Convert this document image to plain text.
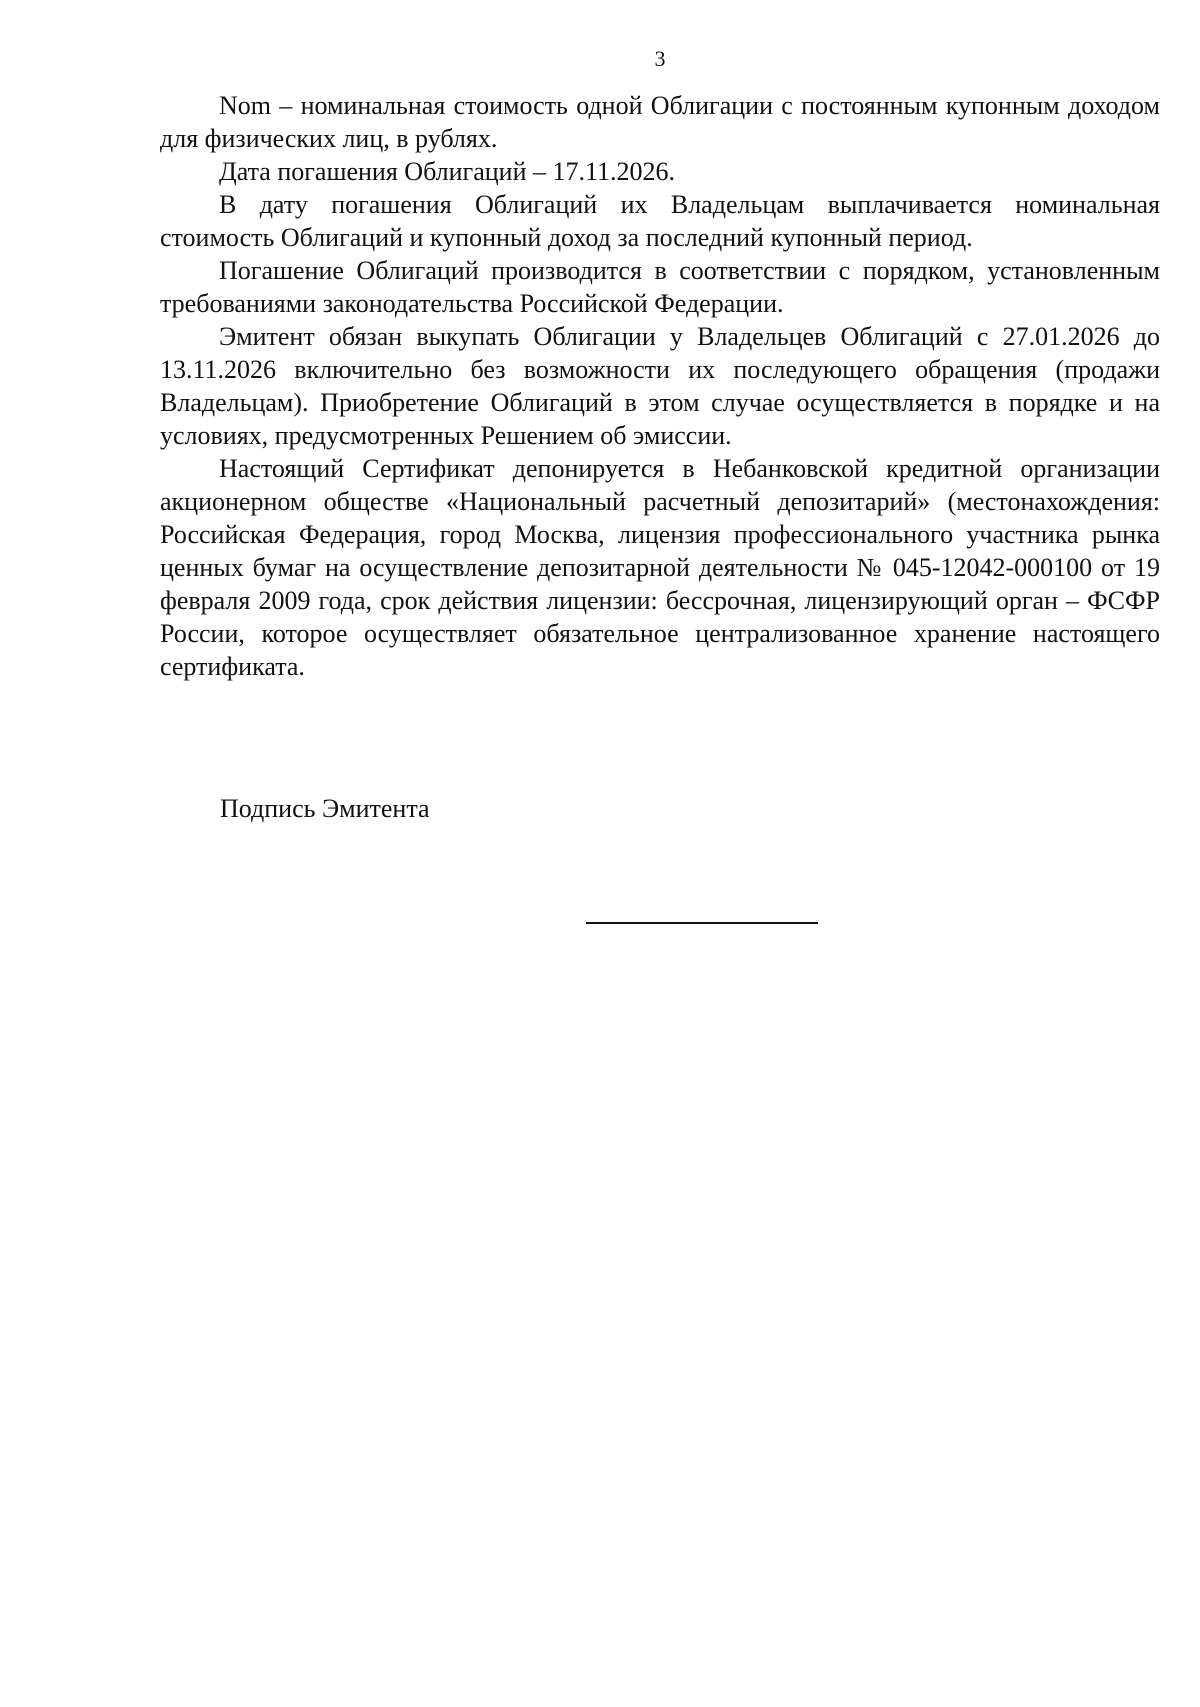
3

Nom – номинальная стоимость одной Облигации с постоянным купонным доходом для физических лиц, в рублях.

Дата погашения Облигаций – 17.11.2026.

В дату погашения Облигаций их Владельцам выплачивается номинальная стоимость Облигаций и купонный доход за последний купонный период.

Погашение Облигаций производится в соответствии с порядком, установленным требованиями законодательства Российской Федерации.

Эмитент обязан выкупать Облигации у Владельцев Облигаций с 27.01.2026 до 13.11.2026 включительно без возможности их последующего обращения (продажи Владельцам). Приобретение Облигаций в этом случае осуществляется в порядке и на условиях, предусмотренных Решением об эмиссии.

Настоящий Сертификат депонируется в Небанковской кредитной организации акционерном обществе «Национальный расчетный депозитарий» (местонахождения: Российская Федерация, город Москва, лицензия профессионального участника рынка ценных бумаг на осуществление депозитарной деятельности № 045-12042-000100 от 19 февраля 2009 года, срок действия лицензии: бессрочная, лицензирующий орган – ФСФР России, которое осуществляет обязательное централизованное хранение настоящего сертификата.

Подпись Эмитента
